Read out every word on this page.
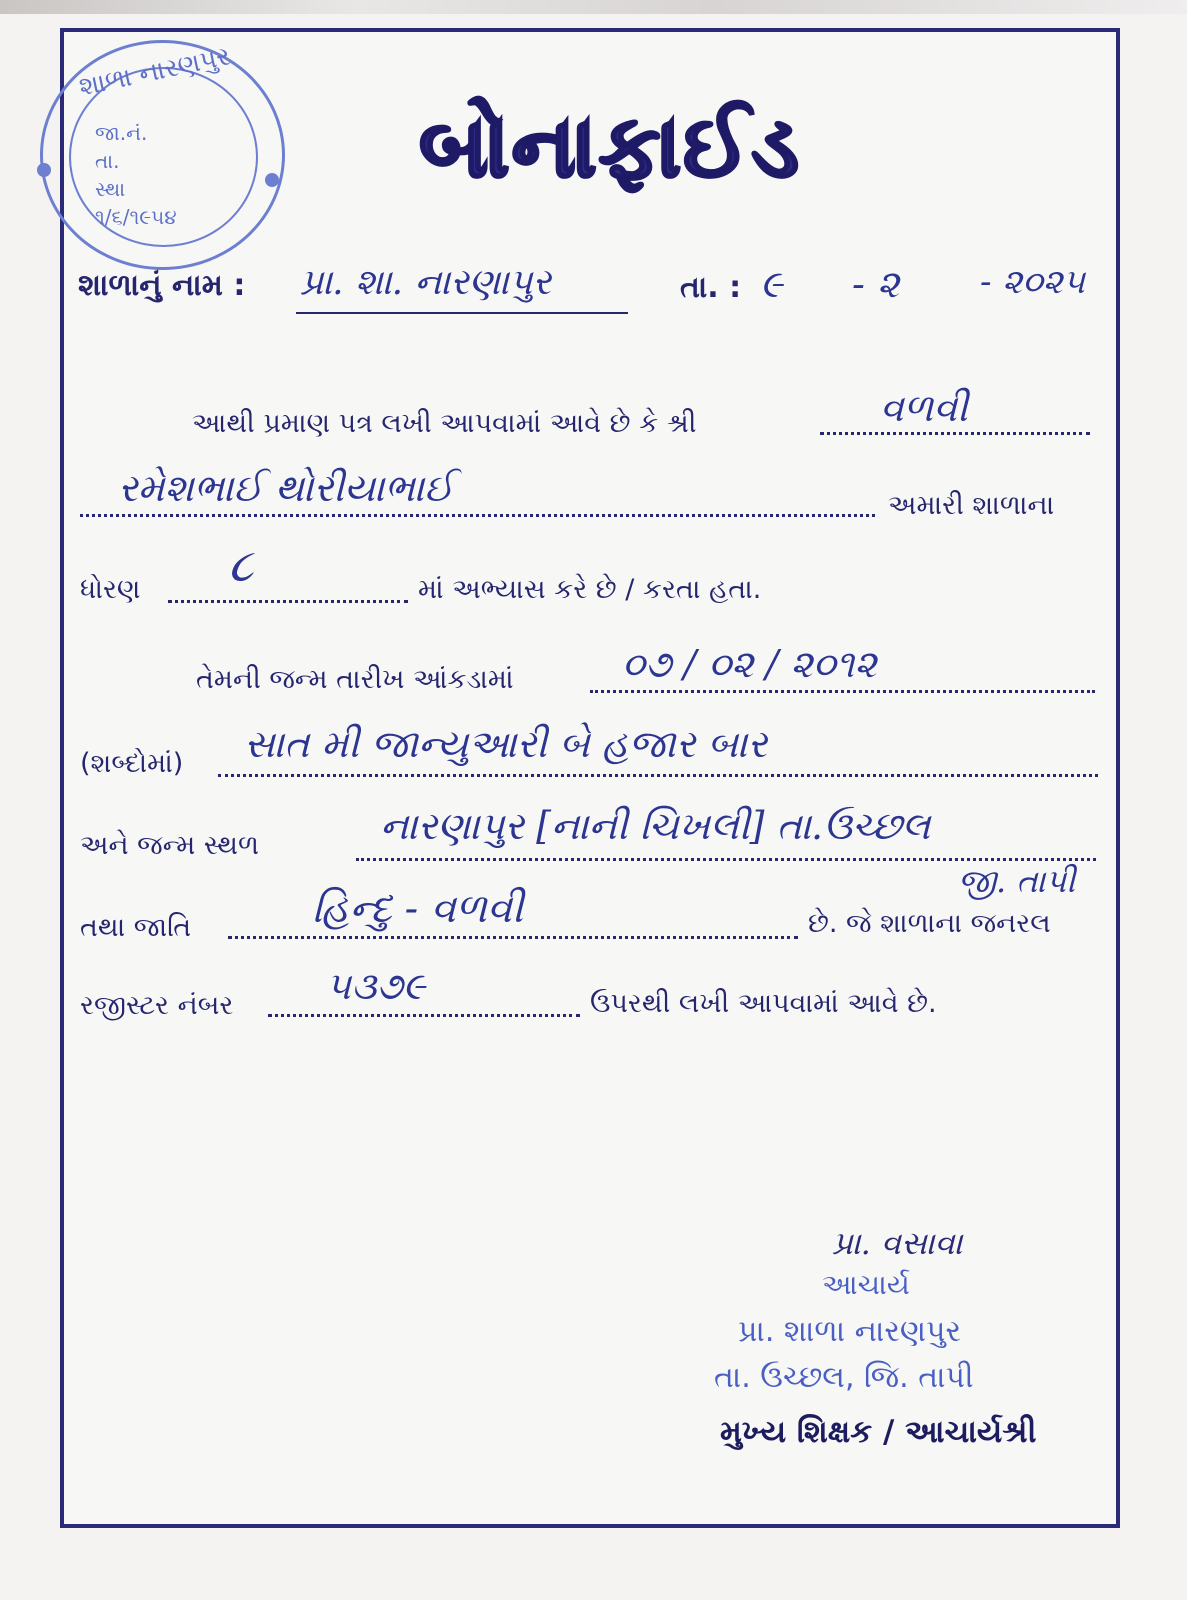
શાળા નારણપુર
જા.નં.
તા.
સ્થા
૧/૬/૧૯૫૪
બોનાફાઈડ
શાળાનું નામ : પ્રા. શા. નારણાપુર	તા. : ૯ - ૨ - ૨૦૨૫
આથી પ્રમાણ પત્ર લખી આપવામાં આવે છે કે શ્રી	વળવી
રમેશભાઈ થોરીયાભાઈ	અમારી શાળાના
ધોરણ ૮	માં અભ્યાસ કરે છે / કરતા હતા.
તેમની જન્મ તારીખ આંકડામાં	૦૭ / ૦૨ / ૨૦૧૨
(શબ્દોમાં) સાત મી જાન્યુઆરી બે હજાર બાર
અને જન્મ સ્થળ	નારણાપુર [નાની ચિખલી] તા.ઉચ્છલ
જી. તાપી
તથા જાતિ	હિન્દુ - વળવી	છે. જે શાળાના જનરલ
રજીસ્ટર નંબર ૫૩૭૯	ઉપરથી લખી આપવામાં આવે છે.
પ્રા. વસાવા
આચાર્ય
પ્રા. શાળા નારણપુર
તા. ઉચ્છલ, જિ. તાપી
મુખ્ય શિક્ષક / આચાર્યશ્રી
